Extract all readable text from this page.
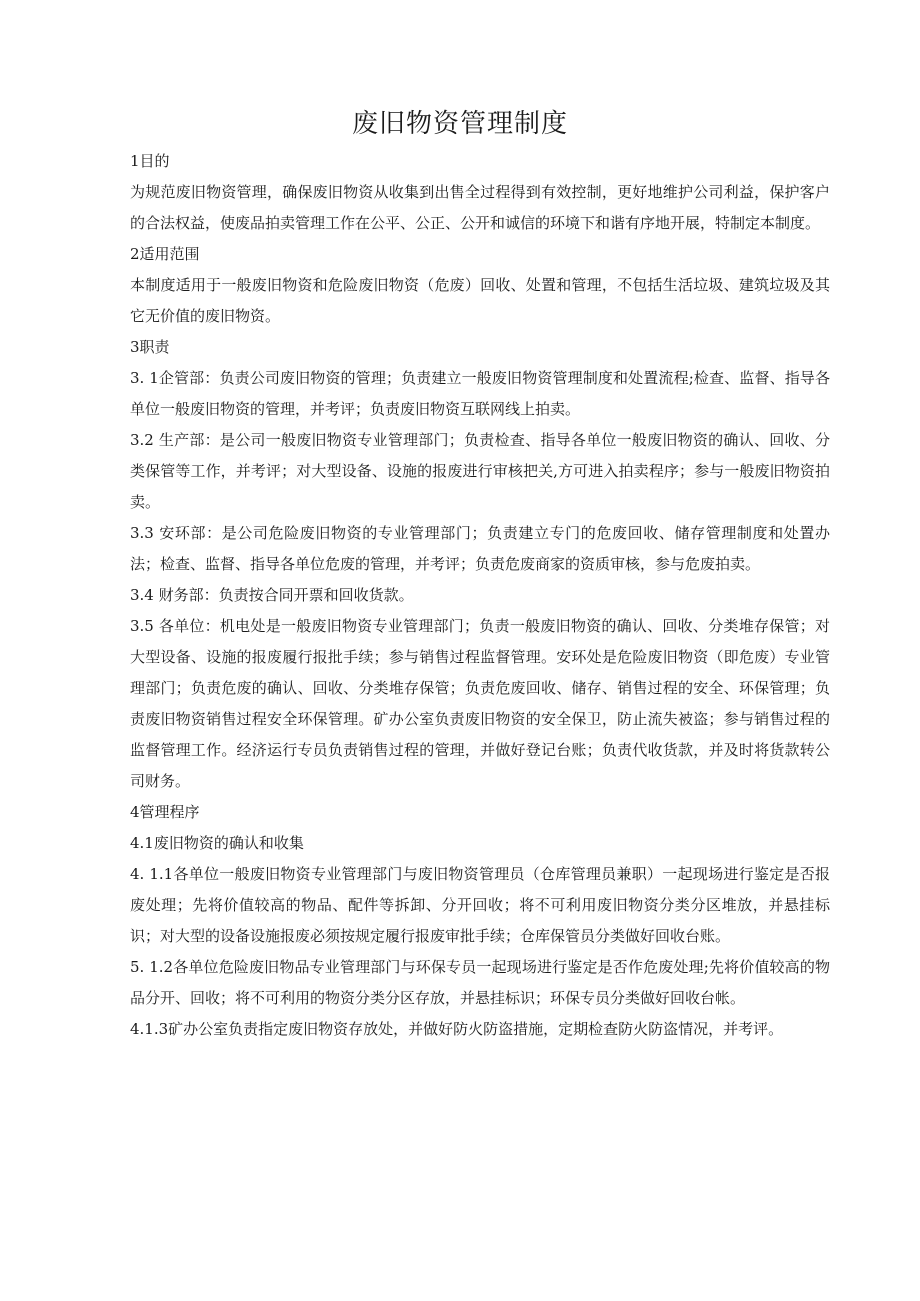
废旧物资管理制度

1目的

为规范废旧物资管理，确保废旧物资从收集到出售全过程得到有效控制，更好地维护公司利益，保护客户的合法权益，使废品拍卖管理工作在公平、公正、公开和诚信的环境下和谐有序地开展，特制定本制度。

2适用范围

本制度适用于一般废旧物资和危险废旧物资（危废）回收、处置和管理，不包括生活垃圾、建筑垃圾及其它无价值的废旧物资。

3职责

3. 1企管部：负责公司废旧物资的管理；负责建立一般废旧物资管理制度和处置流程;检查、监督、指导各单位一般废旧物资的管理，并考评；负责废旧物资互联网线上拍卖。

3.2 生产部：是公司一般废旧物资专业管理部门；负责检查、指导各单位一般废旧物资的确认、回收、分类保管等工作，并考评；对大型设备、设施的报废进行审核把关,方可进入拍卖程序；参与一般废旧物资拍卖。

3.3 安环部：是公司危险废旧物资的专业管理部门；负责建立专门的危废回收、储存管理制度和处置办法；检查、监督、指导各单位危废的管理，并考评；负责危废商家的资质审核，参与危废拍卖。

3.4 财务部：负责按合同开票和回收货款。

3.5 各单位：机电处是一般废旧物资专业管理部门；负责一般废旧物资的确认、回收、分类堆存保管；对大型设备、设施的报废履行报批手续；参与销售过程监督管理。安环处是危险废旧物资（即危废）专业管理部门；负责危废的确认、回收、分类堆存保管；负责危废回收、储存、销售过程的安全、环保管理；负责废旧物资销售过程安全环保管理。矿办公室负责废旧物资的安全保卫，防止流失被盗；参与销售过程的监督管理工作。经济运行专员负责销售过程的管理，并做好登记台账；负责代收货款，并及时将货款转公司财务。

4管理程序

4.1废旧物资的确认和收集

4. 1.1各单位一般废旧物资专业管理部门与废旧物资管理员（仓库管理员兼职）一起现场进行鉴定是否报废处理；先将价值较高的物品、配件等拆卸、分开回收；将不可利用废旧物资分类分区堆放，并悬挂标识；对大型的设备设施报废必须按规定履行报废审批手续；仓库保管员分类做好回收台账。

5. 1.2各单位危险废旧物品专业管理部门与环保专员一起现场进行鉴定是否作危废处理;先将价值较高的物品分开、回收；将不可利用的物资分类分区存放，并悬挂标识；环保专员分类做好回收台帐。

4.1.3矿办公室负责指定废旧物资存放处，并做好防火防盗措施，定期检查防火防盗情况，并考评。
